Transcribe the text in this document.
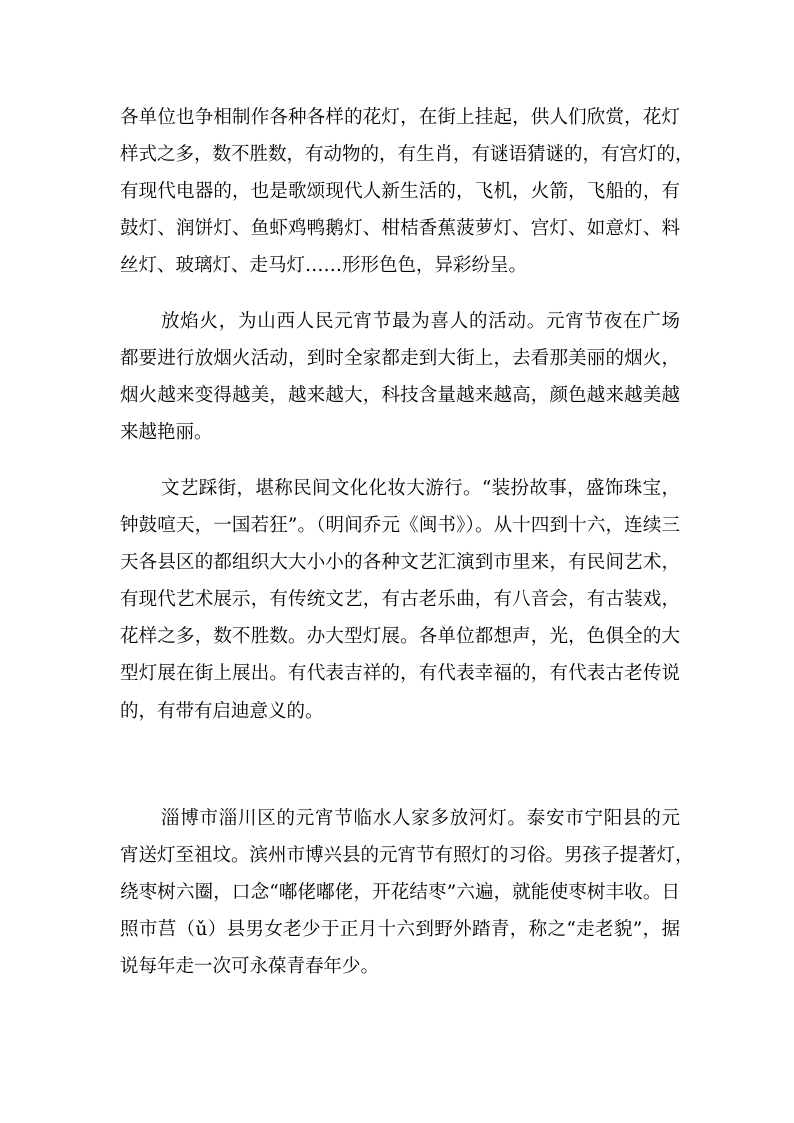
各单位也争相制作各种各样的花灯，在街上挂起，供人们欣赏，花灯
样式之多，数不胜数，有动物的，有生肖，有谜语猜谜的，有宫灯的，
有现代电器的，也是歌颂现代人新生活的，飞机，火箭，飞船的，有
鼓灯、润饼灯、鱼虾鸡鸭鹅灯、柑桔香蕉菠萝灯、宫灯、如意灯、料
丝灯、玻璃灯、走马灯……形形色色，异彩纷呈。
放焰火，为山西人民元宵节最为喜人的活动。元宵节夜在广场
都要进行放烟火活动，到时全家都走到大街上，去看那美丽的烟火，
烟火越来变得越美，越来越大，科技含量越来越高，颜色越来越美越
来越艳丽。
文艺踩街，堪称民间文化化妆大游行。“装扮故事，盛饰珠宝，
钟鼓喧天，一国若狂”。（明间乔元《闽书》）。从十四到十六，连续三
天各县区的都组织大大小小的各种文艺汇演到市里来，有民间艺术，
有现代艺术展示，有传统文艺，有古老乐曲，有八音会，有古装戏，
花样之多，数不胜数。办大型灯展。各单位都想声，光，色俱全的大
型灯展在街上展出。有代表吉祥的，有代表幸福的，有代表古老传说
的，有带有启迪意义的。
淄博市淄川区的元宵节临水人家多放河灯。泰安市宁阳县的元
宵送灯至祖坟。滨州市博兴县的元宵节有照灯的习俗。男孩子提著灯，
绕枣树六圈，口念“嘟佬嘟佬，开花结枣”六遍，就能使枣树丰收。日
照市莒（ǔ）县男女老少于正月十六到野外踏青，称之“走老貌”，据
说每年走一次可永葆青春年少。
